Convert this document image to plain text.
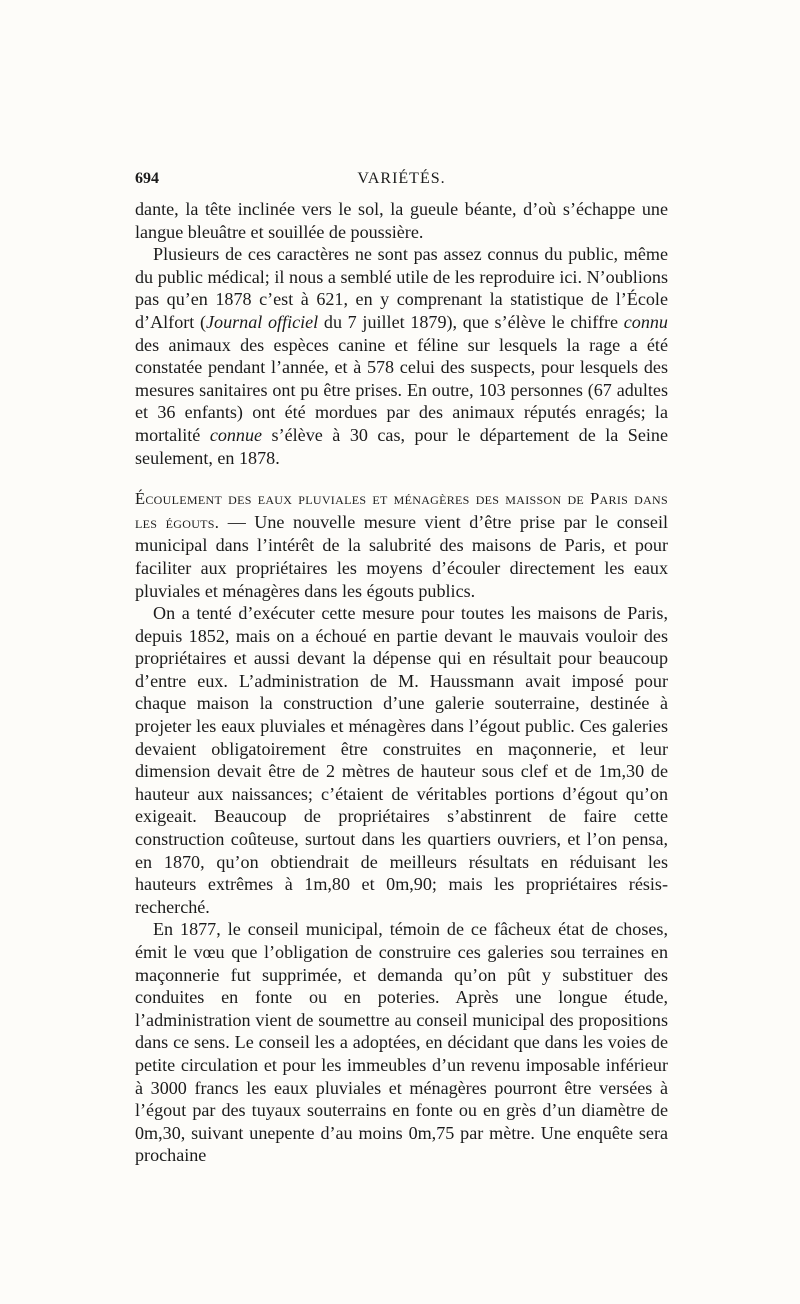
694	VARIÉTÉS.

dante, la tête inclinée vers le sol, la gueule béante, d’où s’échappe une langue bleuâtre et souillée de poussière.

Plusieurs de ces caractères ne sont pas assez connus du public, même du public médical; il nous a semblé utile de les reproduire ici. N’oublions pas qu’en 1878 c’est à 621, en y comprenant la statistique de l’École d’Alfort (Journal officiel du 7 juillet 1879), que s’élève le chiffre connu des animaux des espèces canine et féline sur lesquels la rage a été constatée pendant l’année, et à 578 celui des suspects, pour lesquels des mesures sanitaires ont pu être prises. En outre, 103 personnes (67 adultes et 36 enfants) ont été mordues par des animaux réputés enragés; la mortalité connue s’élève à 30 cas, pour le département de la Seine seulement, en 1878.

Écoulement des eaux pluviales et ménagères des maisson de Paris dans les égouts. — Une nouvelle mesure vient d’être prise par le conseil municipal dans l’intérêt de la salubrité des maisons de Paris, et pour faciliter aux propriétaires les moyens d’écouler directement les eaux pluviales et ménagères dans les égouts publics.

On a tenté d’exécuter cette mesure pour toutes les maisons de Paris, depuis 1852, mais on a échoué en partie devant le mauvais vouloir des propriétaires et aussi devant la dépense qui en résultait pour beaucoup d’entre eux. L’administration de M. Haussmann avait imposé pour chaque maison la construction d’une galerie souterraine, destinée à projeter les eaux pluviales et ménagères dans l’égout public. Ces galeries devaient obligatoirement être construites en maçonnerie, et leur dimension devait être de 2 mètres de hauteur sous clef et de 1m,30 de hauteur aux naissances; c’étaient de véritables portions d’égout qu’on exigeait. Beaucoup de propriétaires s’abstinrent de faire cette construction coûteuse, surtout dans les quartiers ouvriers, et l’on pensa, en 1870, qu’on obtiendrait de meilleurs résultats en réduisant les hauteurs extrêmes à 1m,80 et 0m,90; mais les propriétaires résis- recherché.

En 1877, le conseil municipal, témoin de ce fâcheux état de choses, émit le vœu que l’obligation de construire ces galeries sou terraines en maçonnerie fut supprimée, et demanda qu’on pût y substituer des conduites en fonte ou en poteries. Après une longue étude, l’administration vient de soumettre au conseil municipal des propositions dans ce sens. Le conseil les a adoptées, en décidant que dans les voies de petite circulation et pour les immeubles d’un revenu imposable inférieur à 3000 francs les eaux pluviales et ménagères pourront être versées à l’égout par des tuyaux souterrains en fonte ou en grès d’un diamètre de 0m,30, suivant unepente d’au moins 0m,75 par mètre. Une enquête sera prochaine
